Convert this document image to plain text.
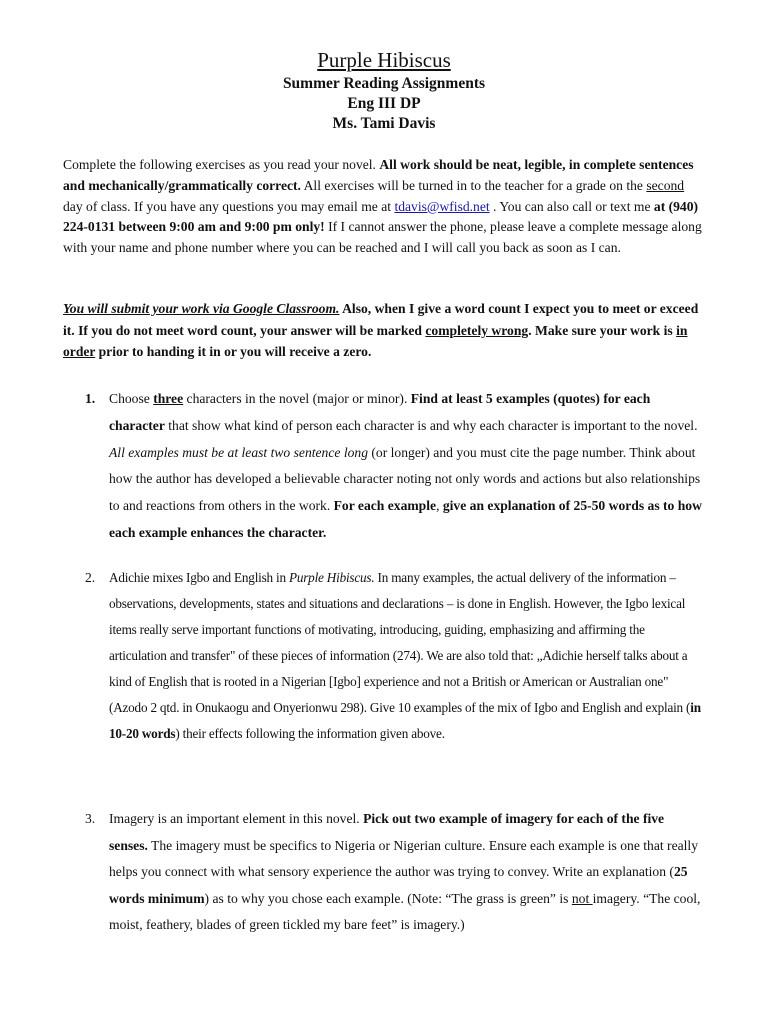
Purple Hibiscus
Summer Reading Assignments
Eng III DP
Ms. Tami Davis

Complete the following exercises as you read your novel. All work should be neat, legible, in complete sentences and mechanically/grammatically correct. All exercises will be turned in to the teacher for a grade on the second day of class. If you have any questions you may email me at tdavis@wfisd.net . You can also call or text me at (940) 224-0131 between 9:00 am and 9:00 pm only! If I cannot answer the phone, please leave a complete message along with your name and phone number where you can be reached and I will call you back as soon as I can.

You will submit your work via Google Classroom. Also, when I give a word count I expect you to meet or exceed it. If you do not meet word count, your answer will be marked completely wrong. Make sure your work is in order prior to handing it in or you will receive a zero.

1. Choose three characters in the novel (major or minor). Find at least 5 examples (quotes) for each character that show what kind of person each character is and why each character is important to the novel. All examples must be at least two sentence long (or longer) and you must cite the page number. Think about how the author has developed a believable character noting not only words and actions but also relationships to and reactions from others in the work. For each example, give an explanation of 25-50 words as to how each example enhances the character.

2. Adichie mixes Igbo and English in Purple Hibiscus. In many examples, the actual delivery of the information – observations, developments, states and situations and declarations – is done in English. However, the Igbo lexical items really serve important functions of motivating, introducing, guiding, emphasizing and affirming the articulation and transfer" of these pieces of information (274). We are also told that: „Adichie herself talks about a kind of English that is rooted in a Nigerian [Igbo] experience and not a British or American or Australian one" (Azodo 2 qtd. in Onukaogu and Onyerionwu 298). Give 10 examples of the mix of Igbo and English and explain (in 10-20 words) their effects following the information given above.

3. Imagery is an important element in this novel. Pick out two example of imagery for each of the five senses. The imagery must be specifics to Nigeria or Nigerian culture. Ensure each example is one that really helps you connect with what sensory experience the author was trying to convey. Write an explanation (25 words minimum) as to why you chose each example. (Note: “The grass is green” is not imagery. “The cool, moist, feathery, blades of green tickled my bare feet” is imagery.)
